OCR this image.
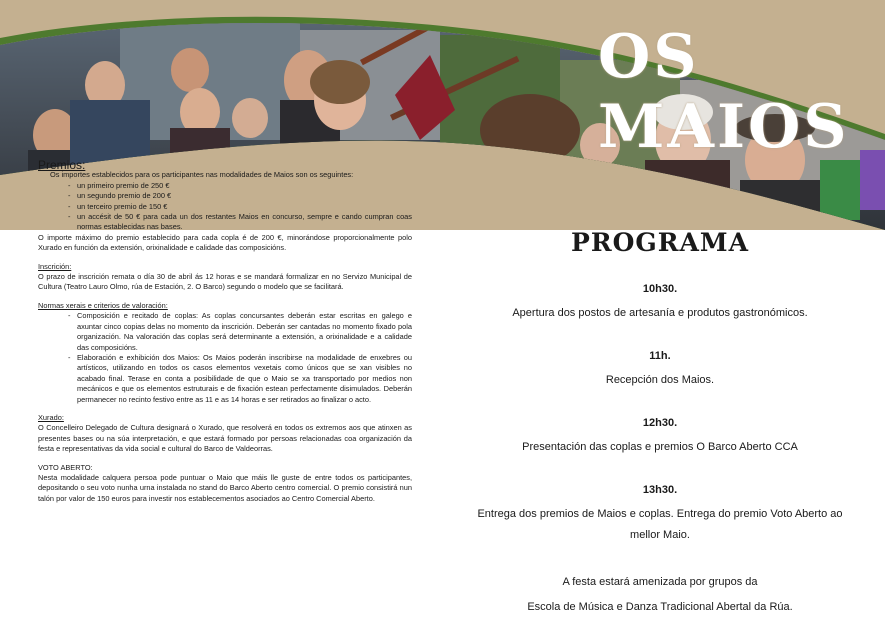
OS MAIOS

Premios:

Os importes establecidos para os participantes nas modalidades de Maios son os seguintes:

- un primeiro premio de 250 €
- un segundo premio de 200 €
- un terceiro premio de 150 €
- un accésit de 50 € para cada un dos restantes Maios en concurso, sempre e cando cumpran coas normas establecidas nas bases.

O importe máximo do premio establecido para cada copla é de 200 €, minorándose proporcionalmente polo Xurado en función da extensión, orixinalidade e calidade das composicións.

Inscrición:

O prazo de inscrición remata o día 30 de abril ás 12 horas e se mandará formalizar en no Servizo Municipal de Cultura (Teatro Lauro Olmo, rúa de Estación, 2. O Barco) segundo o modelo que se facilitará.

Normas xerais e criterios de valoración:

- Composición e recitado de coplas: As coplas concursantes deberán estar escritas en galego e axuntar cinco copias delas no momento da inscrición. Deberán ser cantadas no momento fixado pola organización. Na valoración das coplas será determinante a extensión, a orixinalidade e a calidade das composicións.
- Elaboración e exhibición dos Maios: Os Maios poderán inscribirse na modalidade de enxebres ou artísticos, utilizando en todos os casos elementos vexetais como únicos que se xan visibles no acabado final. Terase en conta a posibilidade de que o Maio se xa transportado por medios non mecánicos e que os elementos estruturais e de fixación estean perfectamente disimulados. Deberán permanecer no recinto festivo entre as 11 e as 14 horas e ser retirados ao finalizar o acto.

Xurado:

O Concelleiro Delegado de Cultura designará o Xurado, que resolverá en todos os extremos aos que atinxen as presentes bases ou na súa interpretación, e que estará formado por persoas relacionadas coa organización da festa e representativas da vida social e cultural do Barco de Valdeorras.

VOTO ABERTO:

Nesta modalidade calquera persoa pode puntuar o Maio que máis lle guste de entre todos os participantes, depositando o seu voto nunha urna instalada no stand do Barco Aberto centro comercial. O premio consistirá nun talón por valor de 150 euros para investir nos establecementos asociados ao Centro Comercial Aberto.

PROGRAMA
10h30.
Apertura dos postos de artesanía e produtos gastronómicos.
11h.
Recepción dos Maios.
12h30.
Presentación das coplas e premios O Barco Aberto CCA
13h30.
Entrega dos premios de Maios e coplas. Entrega do premio Voto Aberto ao mellor Maio.
A festa estará amenizada por grupos da
Escola de Música e Danza Tradicional Abertal da Rúa.
